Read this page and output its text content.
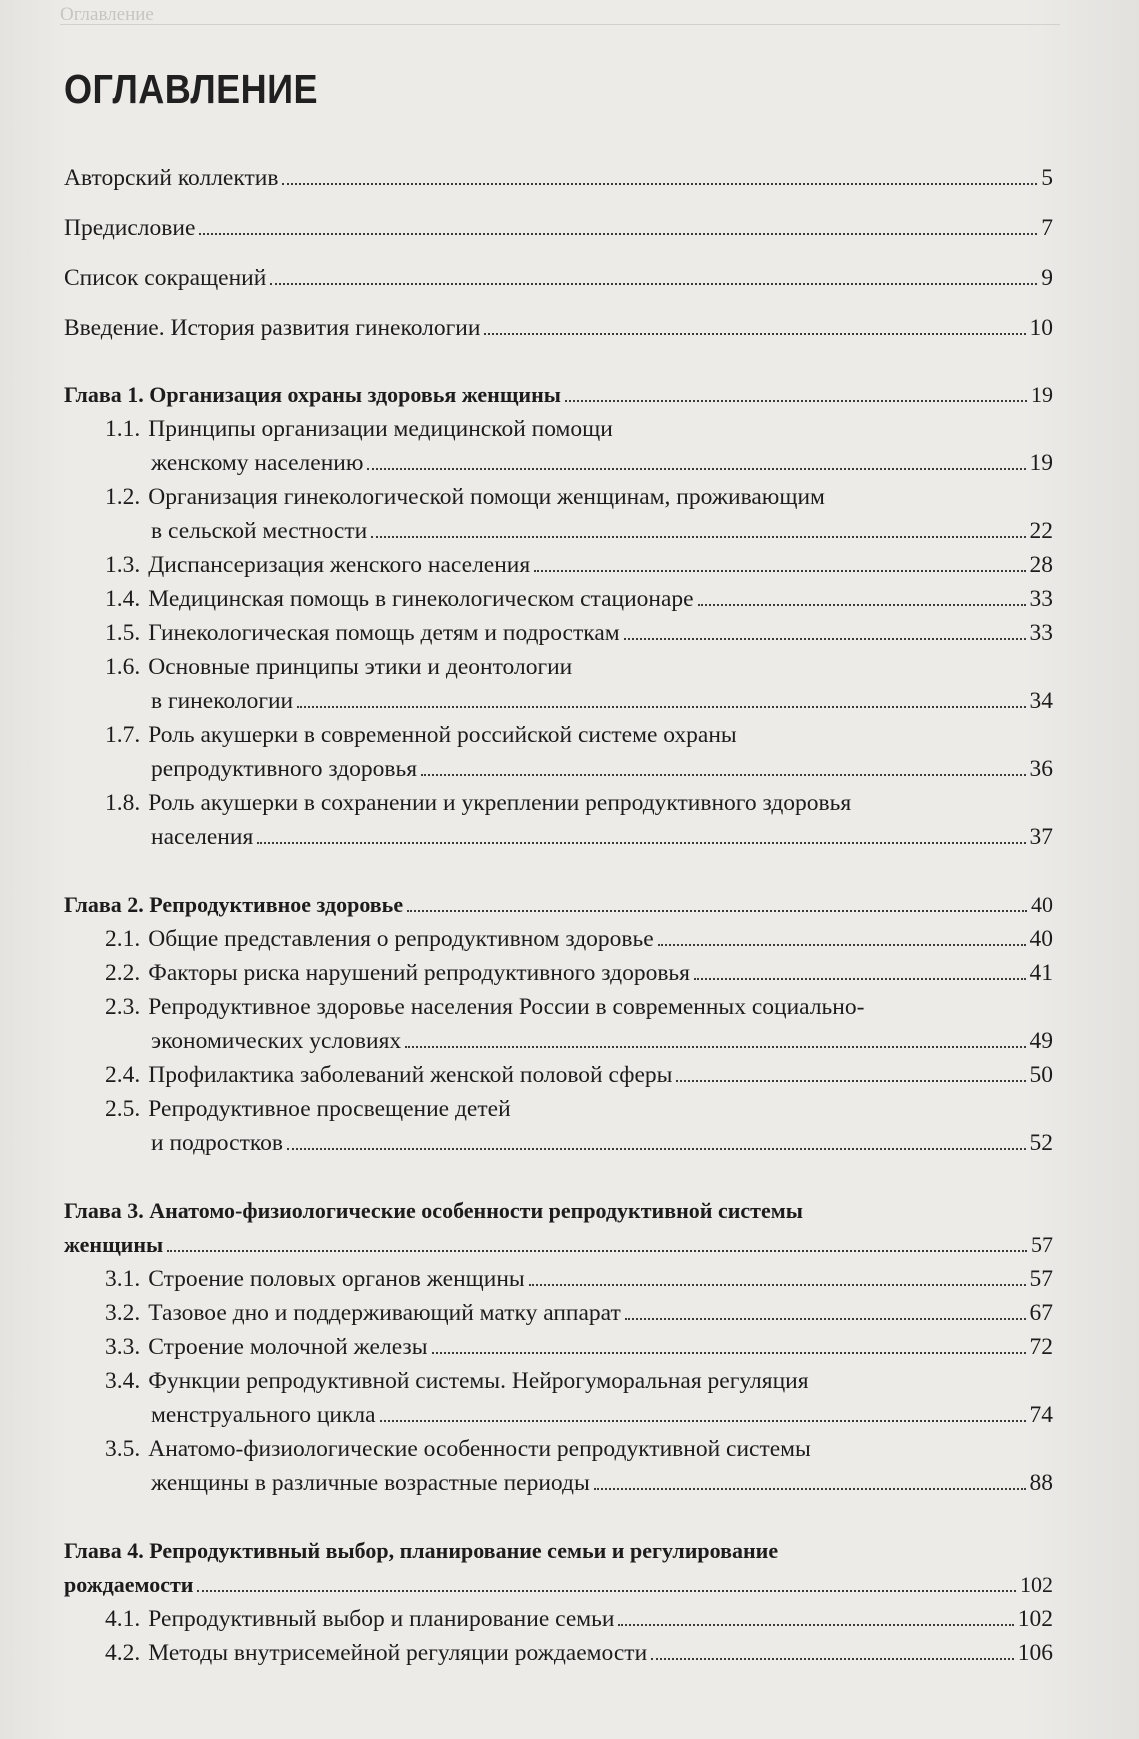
Оглавление
ОГЛАВЛЕНИЕ
Авторский коллектив	5
Предисловие	7
Список сокращений	9
Введение. История развития гинекологии	10
Глава 1. Организация охраны здоровья женщины	19
1.1. Принципы организации медицинской помощи
женскому населению	19
1.2. Организация гинекологической помощи женщинам, проживающим
в сельской местности	22
1.3. Диспансеризация женского населения	28
1.4. Медицинская помощь в гинекологическом стационаре	33
1.5. Гинекологическая помощь детям и подросткам	33
1.6. Основные принципы этики и деонтологии
в гинекологии	34
1.7. Роль акушерки в современной российской системе охраны
репродуктивного здоровья	36
1.8. Роль акушерки в сохранении и укреплении репродуктивного здоровья
населения	37
Глава 2. Репродуктивное здоровье	40
2.1. Общие представления о репродуктивном здоровье	40
2.2. Факторы риска нарушений репродуктивного здоровья	41
2.3. Репродуктивное здоровье населения России в современных социально-
экономических условиях	49
2.4. Профилактика заболеваний женской половой сферы	50
2.5. Репродуктивное просвещение детей
и подростков	52
Глава 3. Анатомо-физиологические особенности репродуктивной системы
женщины	57
3.1. Строение половых органов женщины	57
3.2. Тазовое дно и поддерживающий матку аппарат	67
3.3. Строение молочной железы	72
3.4. Функции репродуктивной системы. Нейрогуморальная регуляция
менструального цикла	74
3.5. Анатомо-физиологические особенности репродуктивной системы
женщины в различные возрастные периоды	88
Глава 4. Репродуктивный выбор, планирование семьи и регулирование
рождаемости	102
4.1. Репродуктивный выбор и планирование семьи	102
4.2. Методы внутрисемейной регуляции рождаемости	106
